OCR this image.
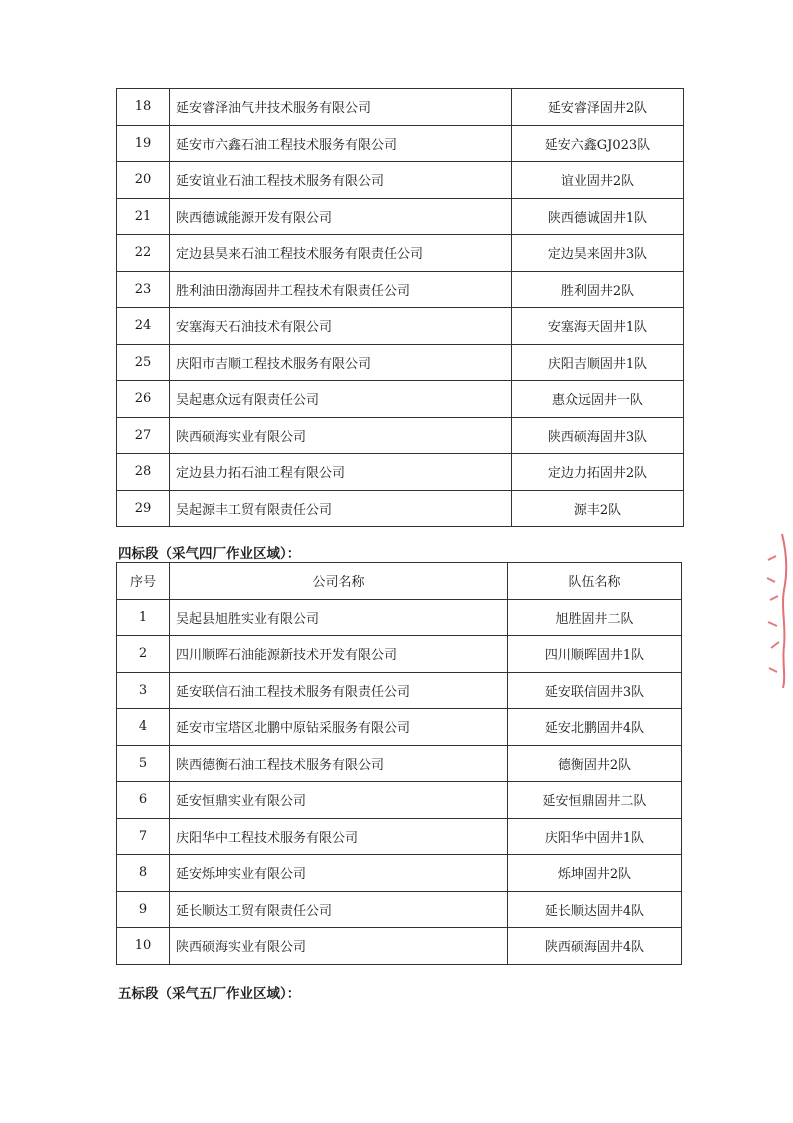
18	延安睿泽油气井技术服务有限公司	延安睿泽固井2队
19	延安市六鑫石油工程技术服务有限公司	延安六鑫GJ023队
20	延安谊业石油工程技术服务有限公司	谊业固井2队
21	陕西德诚能源开发有限公司	陕西德诚固井1队
22	定边县昊来石油工程技术服务有限责任公司	定边昊来固井3队
23	胜利油田渤海固井工程技术有限责任公司	胜利固井2队
24	安塞海天石油技术有限公司	安塞海天固井1队
25	庆阳市吉顺工程技术服务有限公司	庆阳吉顺固井1队
26	吴起惠众远有限责任公司	惠众远固井一队
27	陕西硕海实业有限公司	陕西硕海固井3队
28	定边县力拓石油工程有限公司	定边力拓固井2队
29	吴起源丰工贸有限责任公司	源丰2队
四标段（采气四厂作业区域）：
序号	公司名称	队伍名称
1	吴起县旭胜实业有限公司	旭胜固井二队
2	四川顺晖石油能源新技术开发有限公司	四川顺晖固井1队
3	延安联信石油工程技术服务有限责任公司	延安联信固井3队
4	延安市宝塔区北鹏中原钻采服务有限公司	延安北鹏固井4队
5	陕西德衡石油工程技术服务有限公司	德衡固井2队
6	延安恒鼎实业有限公司	延安恒鼎固井二队
7	庆阳华中工程技术服务有限公司	庆阳华中固井1队
8	延安烁坤实业有限公司	烁坤固井2队
9	延长顺达工贸有限责任公司	延长顺达固井4队
10	陕西硕海实业有限公司	陕西硕海固井4队
五标段（采气五厂作业区域）：
